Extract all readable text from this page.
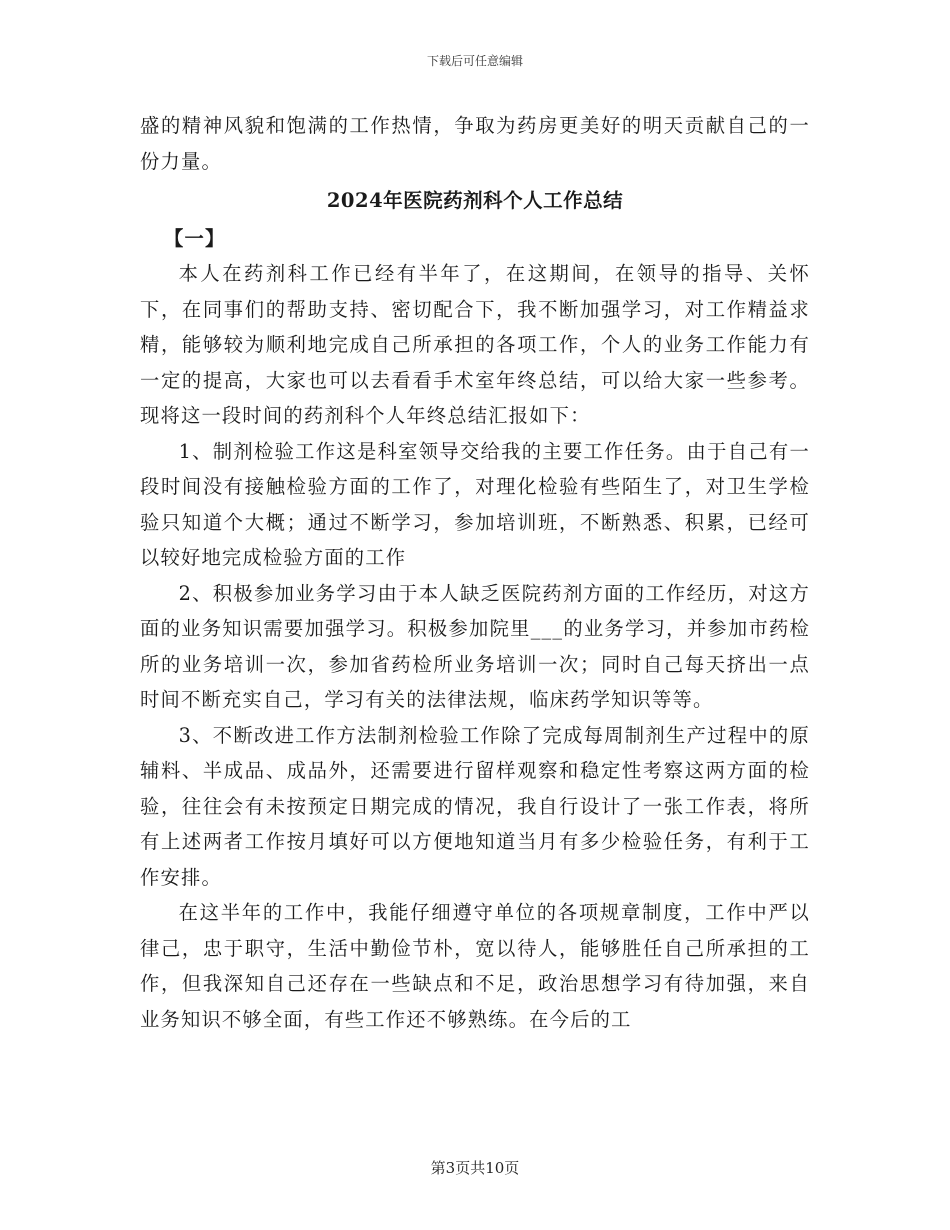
下载后可任意编辑

盛的精神风貌和饱满的工作热情，争取为药房更美好的明天贡献自己的一份力量。

2024年医院药剂科个人工作总结

【一】

本人在药剂科工作已经有半年了，在这期间，在领导的指导、关怀下，在同事们的帮助支持、密切配合下，我不断加强学习，对工作精益求精，能够较为顺利地完成自己所承担的各项工作，个人的业务工作能力有一定的提高，大家也可以去看看手术室年终总结，可以给大家一些参考。现将这一段时间的药剂科个人年终总结汇报如下：

1、制剂检验工作这是科室领导交给我的主要工作任务。由于自己有一段时间没有接触检验方面的工作了，对理化检验有些陌生了，对卫生学检验只知道个大概；通过不断学习，参加培训班，不断熟悉、积累，已经可以较好地完成检验方面的工作

2、积极参加业务学习由于本人缺乏医院药剂方面的工作经历，对这方面的业务知识需要加强学习。积极参加院里___的业务学习，并参加市药检所的业务培训一次，参加省药检所业务培训一次；同时自己每天挤出一点时间不断充实自己，学习有关的法律法规，临床药学知识等等。

3、不断改进工作方法制剂检验工作除了完成每周制剂生产过程中的原辅料、半成品、成品外，还需要进行留样观察和稳定性考察这两方面的检验，往往会有未按预定日期完成的情况，我自行设计了一张工作表，将所有上述两者工作按月填好可以方便地知道当月有多少检验任务，有利于工作安排。

在这半年的工作中，我能仔细遵守单位的各项规章制度，工作中严以律己，忠于职守，生活中勤俭节朴，宽以待人，能够胜任自己所承担的工作，但我深知自己还存在一些缺点和不足，政治思想学习有待加强，来自业务知识不够全面，有些工作还不够熟练。在今后的工

第3页共10页
